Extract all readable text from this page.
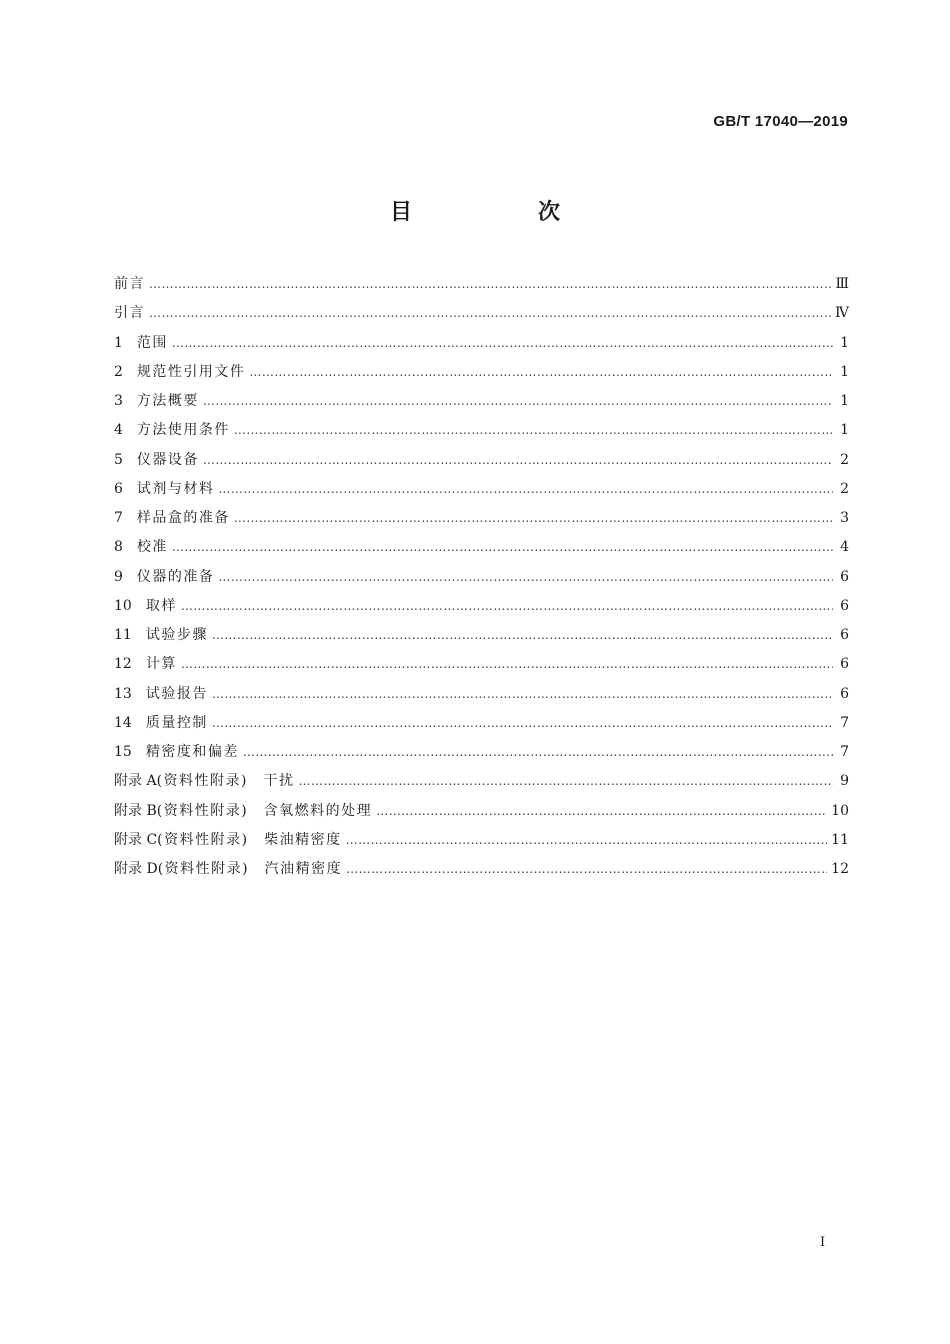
GB/T 17040—2019
目　次
前言 ……………………………………………………………………………………………………………………………………………………………………………………………………………………	Ⅲ
引言 ……………………………………………………………………………………………………………………………………………………………………………………………………………………	Ⅳ
1 范围 ……………………………………………………………………………………………………………………………………………………………………………………………………………………	1
2 规范性引用文件 ……………………………………………………………………………………………………………………………………………………………………………………………………………………	1
3 方法概要 ……………………………………………………………………………………………………………………………………………………………………………………………………………………	1
4 方法使用条件 ……………………………………………………………………………………………………………………………………………………………………………………………………………………	1
5 仪器设备 ……………………………………………………………………………………………………………………………………………………………………………………………………………………	2
6 试剂与材料 ……………………………………………………………………………………………………………………………………………………………………………………………………………………	2
7 样品盒的准备 ……………………………………………………………………………………………………………………………………………………………………………………………………………………	3
8 校准 ……………………………………………………………………………………………………………………………………………………………………………………………………………………	4
9 仪器的准备 ……………………………………………………………………………………………………………………………………………………………………………………………………………………	6
10 取样 ……………………………………………………………………………………………………………………………………………………………………………………………………………………	6
11 试验步骤 ……………………………………………………………………………………………………………………………………………………………………………………………………………………	6
12 计算 ……………………………………………………………………………………………………………………………………………………………………………………………………………………	6
13 试验报告 ……………………………………………………………………………………………………………………………………………………………………………………………………………………	6
14 质量控制 ……………………………………………………………………………………………………………………………………………………………………………………………………………………	7
15 精密度和偏差 ……………………………………………………………………………………………………………………………………………………………………………………………………………………	7
附录 A(资料性附录)　干扰 ……………………………………………………………………………………………………………………………………………………………………………………………………………………	9
附录 B(资料性附录)　含氧燃料的处理 ……………………………………………………………………………………………………………………………………………………………………………………………………………………	10
附录 C(资料性附录)　柴油精密度 ……………………………………………………………………………………………………………………………………………………………………………………………………………………	11
附录 D(资料性附录)　汽油精密度 ……………………………………………………………………………………………………………………………………………………………………………………………………………………	12
I
